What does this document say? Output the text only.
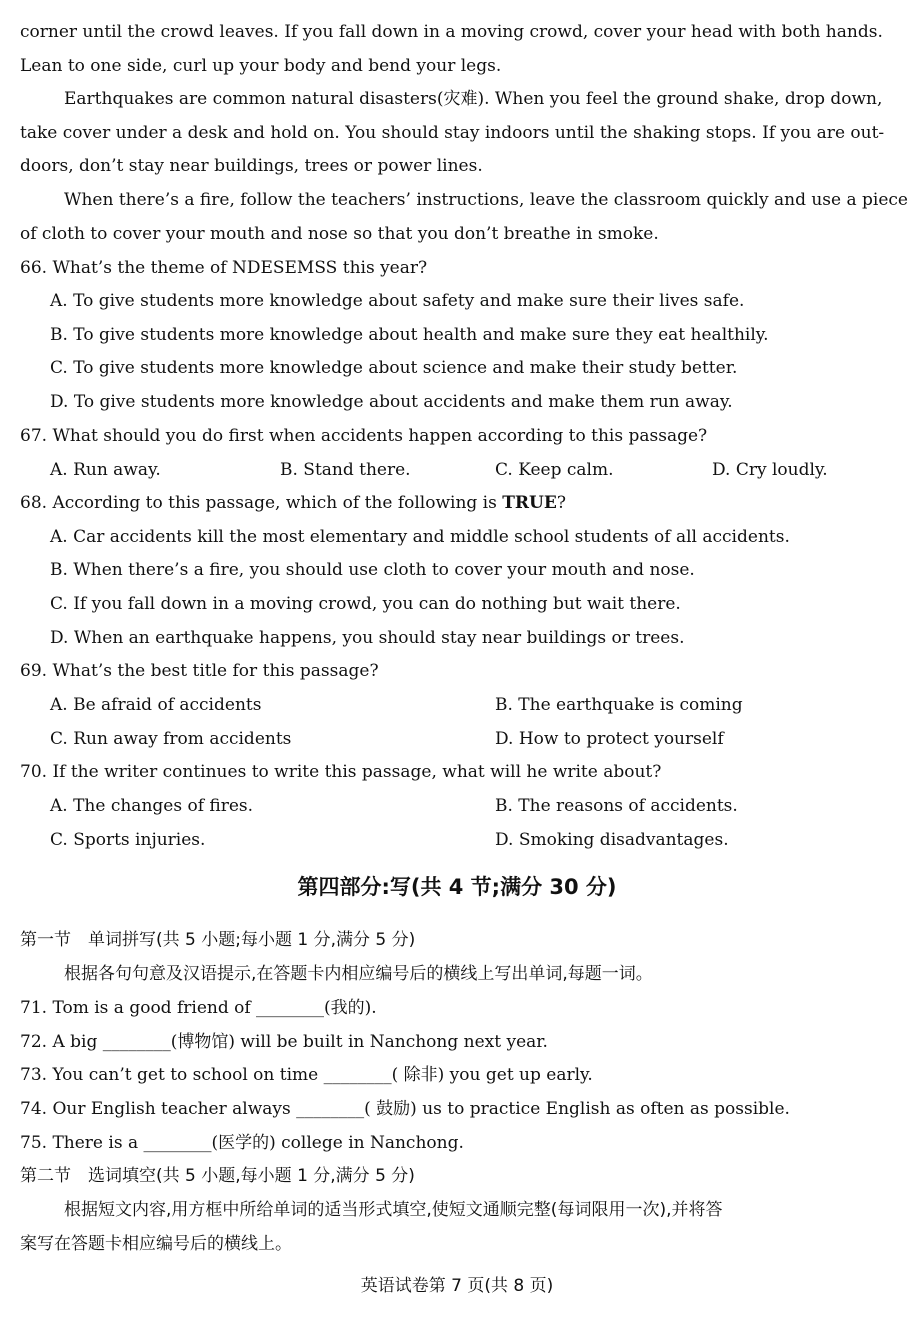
corner until the crowd leaves. If you fall down in a moving crowd, cover your head with both hands.
Lean to one side, curl up your body and bend your legs.
Earthquakes are common natural disasters(灾难). When you feel the ground shake, drop down,
take cover under a desk and hold on. You should stay indoors until the shaking stops. If you are out-
doors, don’t stay near buildings, trees or power lines.
When there’s a fire, follow the teachers’ instructions, leave the classroom quickly and use a piece
of cloth to cover your mouth and nose so that you don’t breathe in smoke.
66. What’s the theme of NDESEMSS this year?
A. To give students more knowledge about safety and make sure their lives safe.
B. To give students more knowledge about health and make sure they eat healthily.
C. To give students more knowledge about science and make their study better.
D. To give students more knowledge about accidents and make them run away.
67. What should you do first when accidents happen according to this passage?
A. Run away.	B. Stand there.	C. Keep calm.	D. Cry loudly.
68. According to this passage, which of the following is TRUE?
A. Car accidents kill the most elementary and middle school students of all accidents.
B. When there’s a fire, you should use cloth to cover your mouth and nose.
C. If you fall down in a moving crowd, you can do nothing but wait there.
D. When an earthquake happens, you should stay near buildings or trees.
69. What’s the best title for this passage?
A. Be afraid of accidents	B. The earthquake is coming
C. Run away from accidents	D. How to protect yourself
70. If the writer continues to write this passage, what will he write about?
A. The changes of fires.	B. The reasons of accidents.
C. Sports injuries.	D. Smoking disadvantages.
第四部分:写(共 4 节;满分 30 分)
第一节　单词拼写(共 5 小题;每小题 1 分,满分 5 分)
根据各句句意及汉语提示,在答题卡内相应编号后的横线上写出单词,每题一词。
71. Tom is a good friend of ________(我的).
72. A big ________(博物馆) will be built in Nanchong next year.
73. You can’t get to school on time ________( 除非) you get up early.
74. Our English teacher always ________( 鼓励) us to practice English as often as possible.
75. There is a ________(医学的) college in Nanchong.
第二节　选词填空(共 5 小题,每小题 1 分,满分 5 分)
根据短文内容,用方框中所给单词的适当形式填空,使短文通顺完整(每词限用一次),并将答
案写在答题卡相应编号后的横线上。
英语试卷第 7 页(共 8 页)
